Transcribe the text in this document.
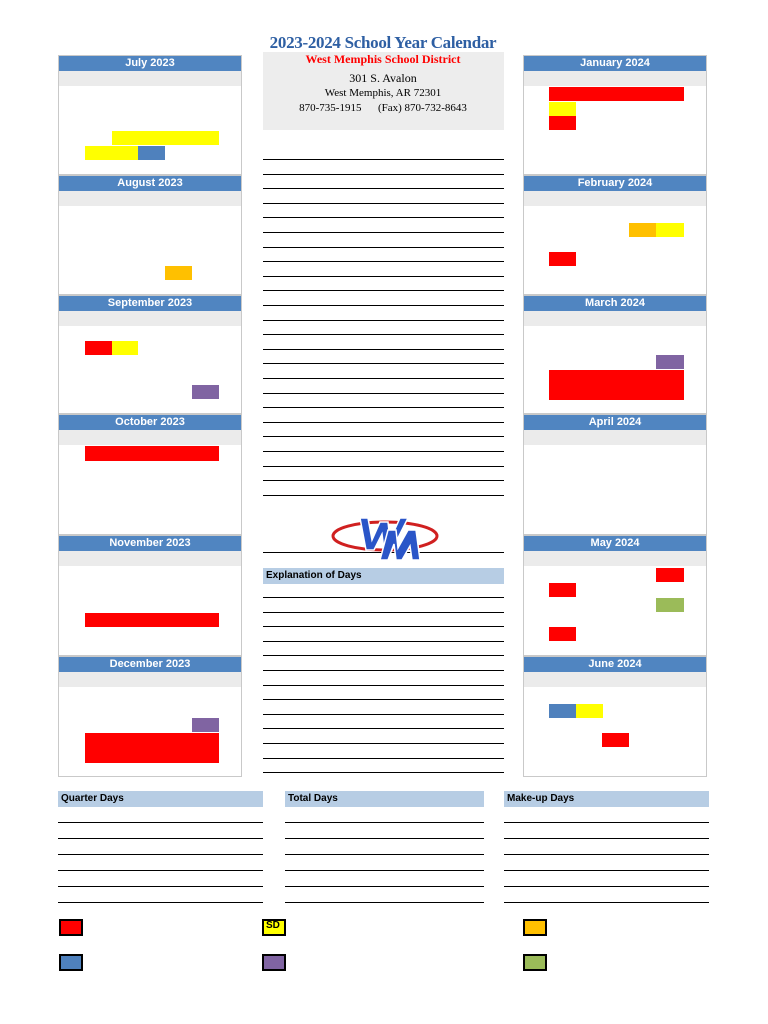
2023-2024 School Year Calendar
West Memphis School District
301 S. Avalon
West Memphis, AR 72301
870-735-1915      (Fax) 870-732-8643
July 2023
August 2023
September 2023
October 2023
November 2023
December 2023
January 2024
February 2024
March 2024
April 2024
May 2024
June 2024
Explanation of Days
Quarter Days	Total Days	Make-up Days
SD
